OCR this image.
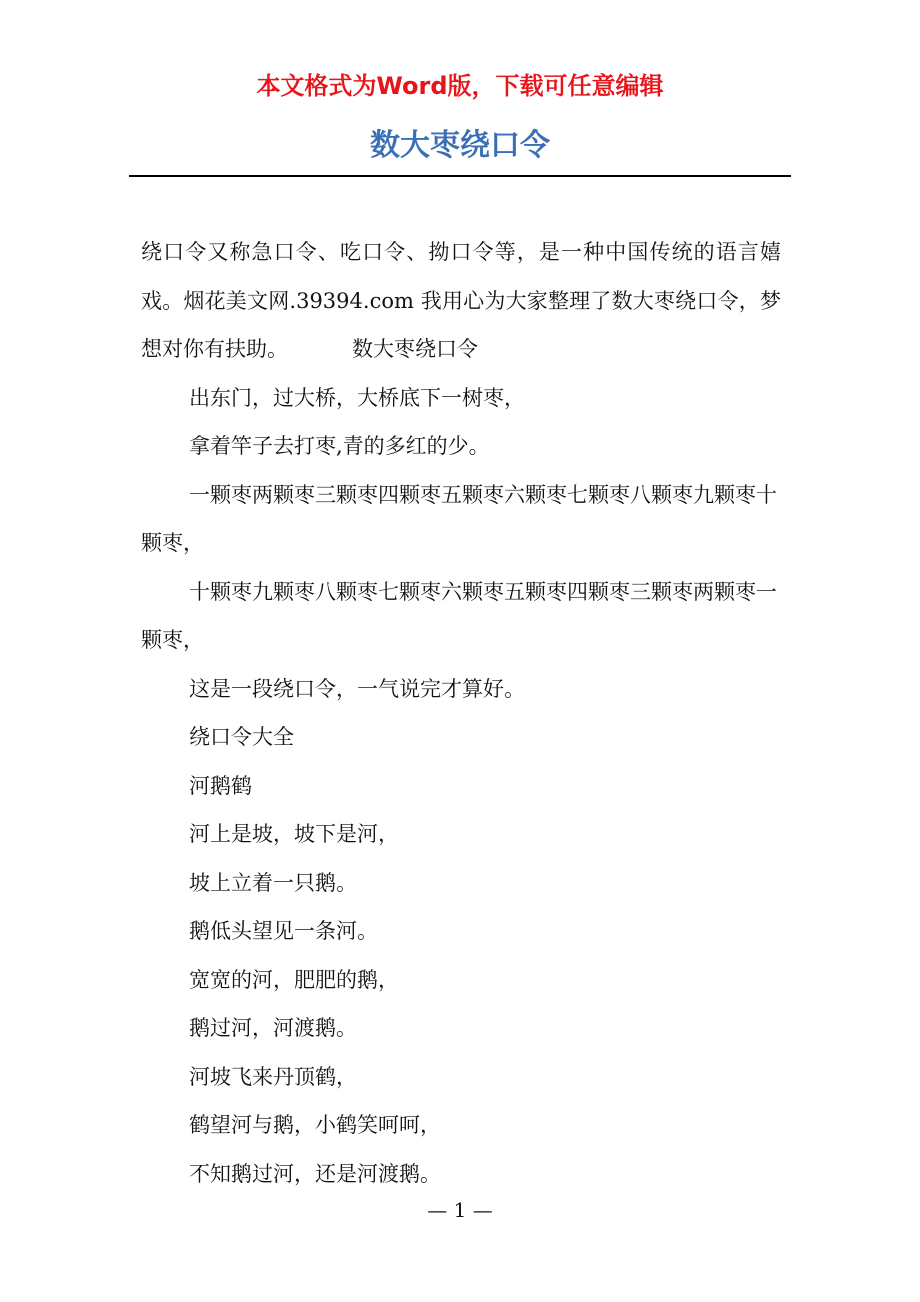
本文格式为Word版，下载可任意编辑
数大枣绕口令

绕口令又称急口令、吃口令、拗口令等，是一种中国传统的语言嬉戏。烟花美文网.39394.com 我用心为大家整理了数大枣绕口令，梦想对你有扶助。	数大枣绕口令

出东门，过大桥，大桥底下一树枣，

拿着竿子去打枣,青的多红的少。

一颗枣两颗枣三颗枣四颗枣五颗枣六颗枣七颗枣八颗枣九颗枣十颗枣，

十颗枣九颗枣八颗枣七颗枣六颗枣五颗枣四颗枣三颗枣两颗枣一颗枣，

这是一段绕口令，一气说完才算好。

绕口令大全

河鹅鹤

河上是坡，坡下是河，

坡上立着一只鹅。

鹅低头望见一条河。

宽宽的河，肥肥的鹅，

鹅过河，河渡鹅。

河坡飞来丹顶鹤，

鹤望河与鹅，小鹤笑呵呵，

不知鹅过河，还是河渡鹅。

— 1 —
